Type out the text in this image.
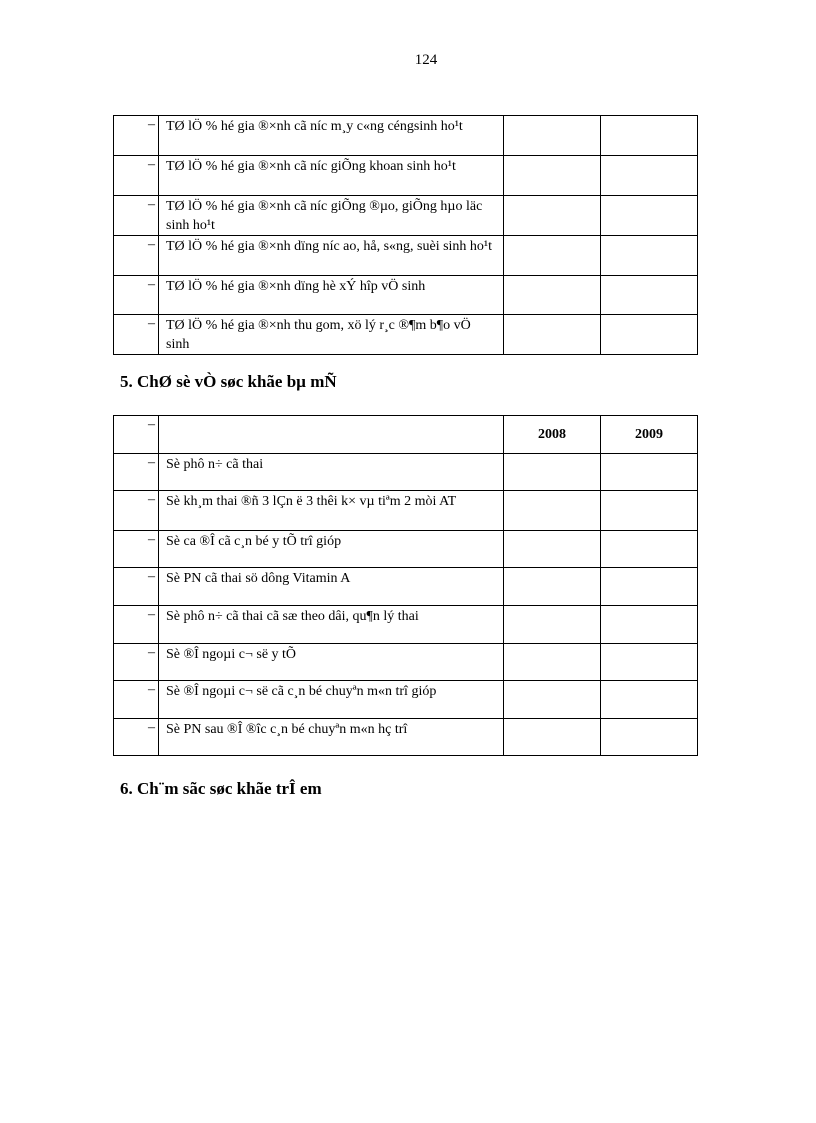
124
–	TØ lÖ % hé gia ®×nh cã níc m¸y c«ng céngsinh ho¹t		
–	TØ lÖ % hé gia ®×nh cã níc giÕng khoan sinh ho¹t		
–	TØ lÖ % hé gia ®×nh cã níc giÕng ®µo, giÕng hµo läc sinh ho¹t		
–	TØ lÖ % hé gia ®×nh dïng níc ao, hå, s«ng, suèi sinh ho¹t		
–	TØ lÖ % hé gia ®×nh dïng hè xÝ hîp vÖ sinh		
–	TØ lÖ % hé gia ®×nh thu gom, xö lý r¸c ®¶m b¶o vÖ sinh		
5. ChØ sè vÒ søc khãe bµ mÑ
–		2008	2009
–	Sè phô n÷ cã thai		
–	Sè kh¸m thai ®ñ 3 lÇn ë 3 thêi k× vµ tiªm 2 mòi AT		
–	Sè ca ®Î cã c¸n bé y tÕ trî gióp		
–	Sè PN cã thai sö dông Vitamin A		
–	Sè phô n÷ cã thai cã sæ theo dâi, qu¶n lý thai		
–	Sè ®Î ngoµi c¬ së y tÕ		
–	Sè ®Î ngoµi c¬ së cã c¸n bé chuyªn m«n trî gióp		
–	Sè PN sau ®Î ®îc c¸n bé chuyªn m«n hç trî		
6. Ch¨m sãc søc khãe trÎ em
